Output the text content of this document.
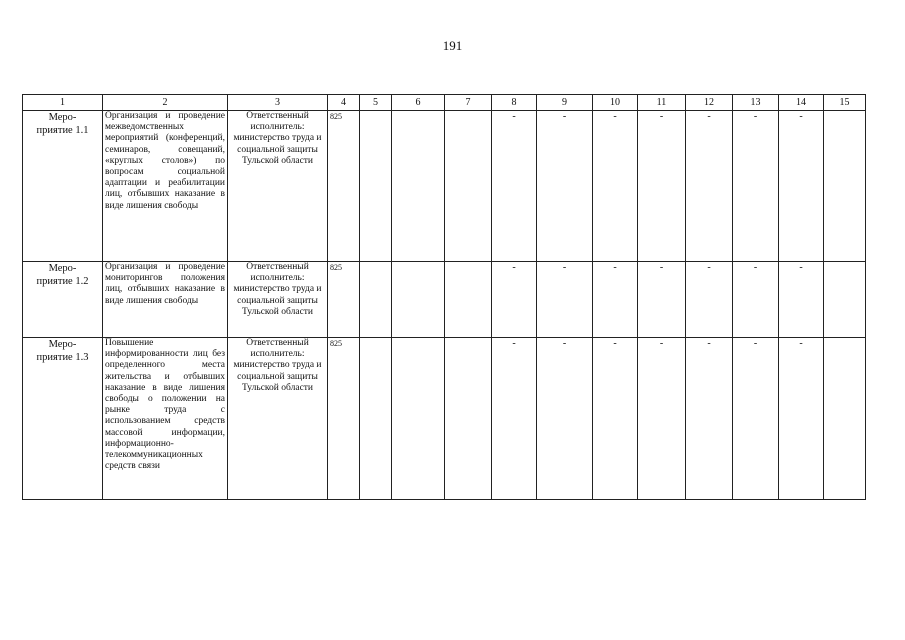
191
1	2	3	4	5	6	7	8	9	10	11	12	13	14	15

Меро-
приятие 1.1	Организация и проведение межведомственных мероприятий (конференций, семинаров, совещаний, «круглых столов») по вопросам социальной адаптации и реабилитации лиц, отбывших наказание в виде лишения свободы	Ответственный исполнитель: министерство труда и социальной защиты Тульской области	825				-	-	-	-	-	-	-	

Меро-
приятие 1.2	Организация и проведение мониторингов положения лиц, отбывших наказание в виде лишения свободы	Ответственный исполнитель: министерство труда и социальной защиты Тульской области	825				-	-	-	-	-	-	-	

Меро-
приятие 1.3	Повышение информированности лиц без определенного места жительства и отбывших наказание в виде лишения свободы о положении на рынке труда с использованием средств массовой информации, информационно-телекоммуникационных средств связи	Ответственный исполнитель: министерство труда и социальной защиты Тульской области	825				-	-	-	-	-	-	-	
